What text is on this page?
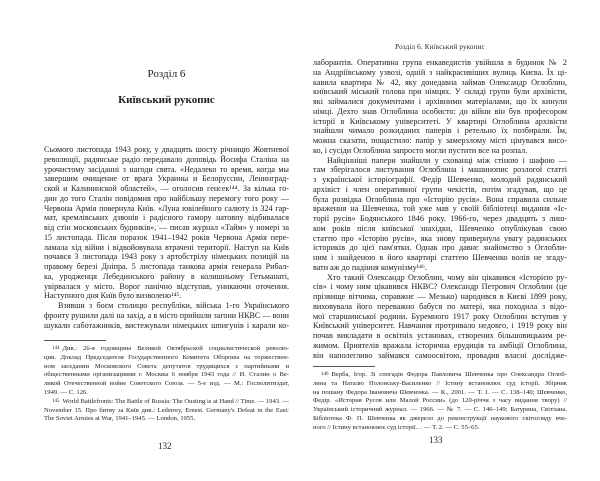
Розділ 6
Київський рукопис
Сьомого листопада 1943 року, у двадцять шосту річницю Жовтневої
революції, радянське радіо передавало доповідь Йосифа Сталіна на
урочистому засіданні з нагоди свята. «Недалеко то время, когда мы
завершим очищение от врага Украины и Белоруссии, Ленинград-
ской и Калининской областей», — оголосив генсек¹⁴⁴. За кілька го-
дин до того Сталін повідомив про найбільшу перемогу того року —
Червона Армія повернула Київ. «Луна ювілейного салюту із 324 гар-
мат, кремлівських дзвонів і радісного гамору натовпу відбивалася
від стін московських будинків», — писав журнал «Тайм» у номері за
15 листопада. Після поразок 1941–1942 років Червона Армія пере-
ламала хід війни і відвойовувала втрачені території. Наступ на Київ
почався 3 листопада 1943 року з артобстрілу німецьких позицій на
правому березі Дніпра. 5 листопада танкова армія генерала Рибал-
ка, уродженця Лебединського району в колишньому Гетьманаті,
увірвалася у місто. Ворог панічно відступав, уникаючи оточення.
Наступного дня Київ було визволено¹⁴⁵.
Взявши з боєм столицю республіки, війська 1-го Українського
фронту рушили далі на захід, а в місто прийшли загони НКВС — вони
шукали саботажників, вистежували німецьких шпигунів і карали ко-
$^{144}$ Див.: 26-я годовщина Великой Октябрьской социалистической револю-
ции. Доклад Председателя Государственного Комитета Обороны на торжествен-
ном заседании Московского Совета депутатов трудящихся с партийными и
общественными организациями г. Москвы 6 ноября 1943 года // И. Сталин о Ве-
ликой Отечественной войне Советского Союза. — 5-е изд. — М.: Госполитиздат,
1949. — С. 126.
$^{145}$ World Battlefronts: The Battle of Russia: The Ousting is at Hand // Time. — 1943. —
November 15. Про битву за Київ див.: Lederrey, Ernest. Germany's Defeat in the East:
The Soviet Armies at War, 1941–1945. — London, 1955.
132
Розділ 6. Київський рукопис
лаборантів. Оперативна група енкаведистів увійшла в будинок № 2
на Андріївському узвозі, одній з найкрасивіших вулиць Києва. Їх ці-
кавила квартира № 42, яку донедавна займав Олександр Оглоблин,
київський міський голова при німцях. У складі групи були архівісти,
які займалися документами і архівними матеріалами, що їх кинули
німці. Дехто знав Оглоблина особисто: до війни він був професором
історії в Київському університеті. У квартирі Оглоблина архівісти
знайшли чимало розкиданих паперів і ретельно їх позбирали. Їм,
можна сказати, пощастило: папір у замерзлому місті цінувався висо-
ко, і сусіди Оглоблина запросто могли пустити все на розпал.
Найцінніші папери знайшли у схованці між стіною і шафою —
там зберігалося листування Оглоблина і машинопис розлогої статті
з української історіографії. Федір Шевченко, молодий радянський
архівіст і член оперативної групи чекістів, потім згадував, що це
була розвідка Оглоблина про «Історію русів». Вона справила сильне
враження на Шевченка, той уже мав у своїй бібліотеці видання «Іс-
торії русів» Бодянського 1846 року. 1966-го, через двадцять з лиш-
ком років після київської знахідки, Шевченко опублікував свою
статтю про «Історію русів», яка знову привернула увагу радянських
істориків до цієї пам'ятки. Однак про давнє знайомство з Оглобли-
ним і знайденою в його квартирі статтею Шевченко волів не згаду-
вати аж до падіння комунізму¹⁴⁶.
Хто такий Олександр Оглоблин, чому він цікавився «Історією ру-
сів» і чому ним цікавився НКВС? Олександр Петрович Оглоблин (це
прізвище вітчима, справжнє — Мезько) народився в Києві 1899 року,
виховувала його переважно бабуся по матері, яка походила з відо-
мої старшинської родини. Буремного 1917 року Оглоблин вступив у
Київський університет. Навчання протривало недовго, і 1919 року він
почав викладати в освітніх установах, створених більшовицьким ре-
жимом. Приятелів вражала історична ерудиція та амбіції Оглоблина,
він наполегливо займався самоосвітою, провадив власні дослідже-
$^{146}$ Верба, Ігор. Зі спогадів Федора Павловича Шевченка про Олександра Оглоб-
лина та Наталю Полонську-Василенко // Істину встановлює суд історії. Збірник
на пошану Федора Івановича Шевченка. — К., 2001. — Т. 1. — С. 138–140; Шевченко,
Федір. «История Русов или Малой России» (до 120-річчя з часу видання твору) //
Український історичний журнал. — 1966. — № 7. — С. 146–149; Батурина, Світлана.
Бібліотека Ф. П. Шевченка як джерело до реконструкції наукового світогляду вче-
ного // Істину встановлює суд історії… — Т. 2. — С. 55–65.
133
